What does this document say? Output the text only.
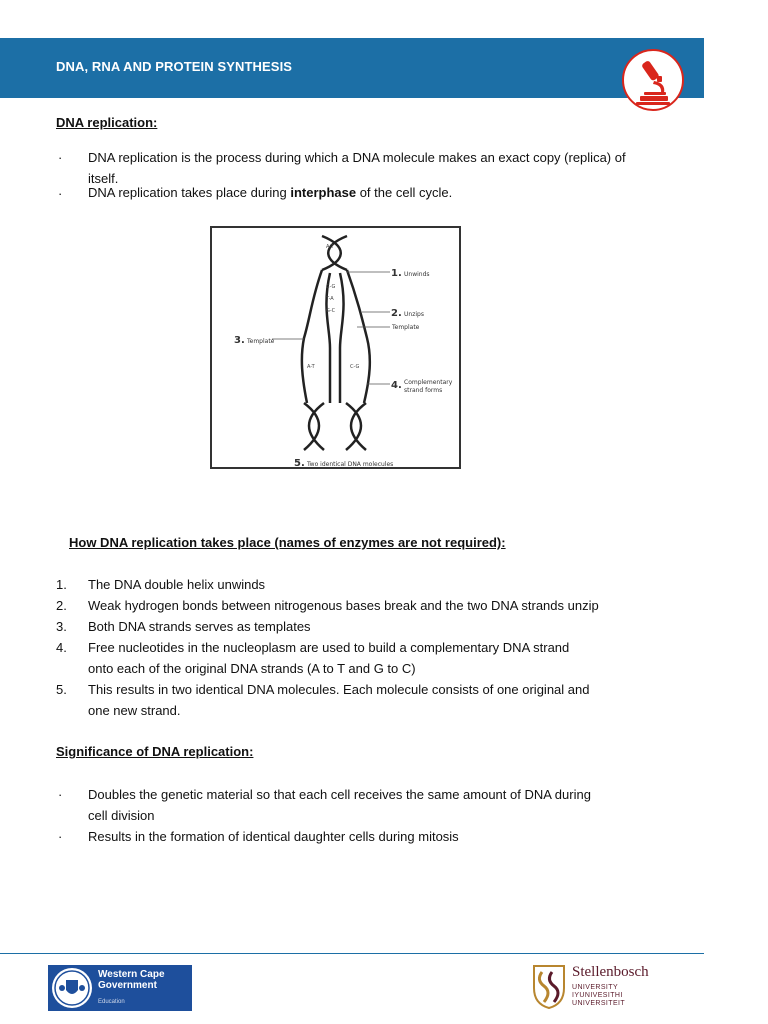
DNA, RNA AND PROTEIN SYNTHESIS
DNA replication:
· DNA replication is the process during which a DNA molecule makes an exact copy (replica) of
itself.
· DNA replication takes place during interphase of the cell cycle.
A-T
C-G
T-A
G-C
A-T	C-G
1. Unwinds
2. Unzips
Template
3. Template
4. Complementary
strand forms
5. Two identical DNA molecules
How DNA replication takes place (names of enzymes are not required):
1. The DNA double helix unwinds
2. Weak hydrogen bonds between nitrogenous bases break and the two DNA strands unzip
3. Both DNA strands serves as templates
4. Free nucleotides in the nucleoplasm are used to build a complementary DNA strand
onto each of the original DNA strands (A to T and G to C)
5. This results in two identical DNA molecules. Each molecule consists of one original and
one new strand.
Significance of DNA replication:
· Doubles the genetic material so that each cell receives the same amount of DNA during
cell division
· Results in the formation of identical daughter cells during mitosis
Western Cape
Government
Education
Stellenbosch
UNIVERSITY
IYUNIVESITHI
UNIVERSITEIT
